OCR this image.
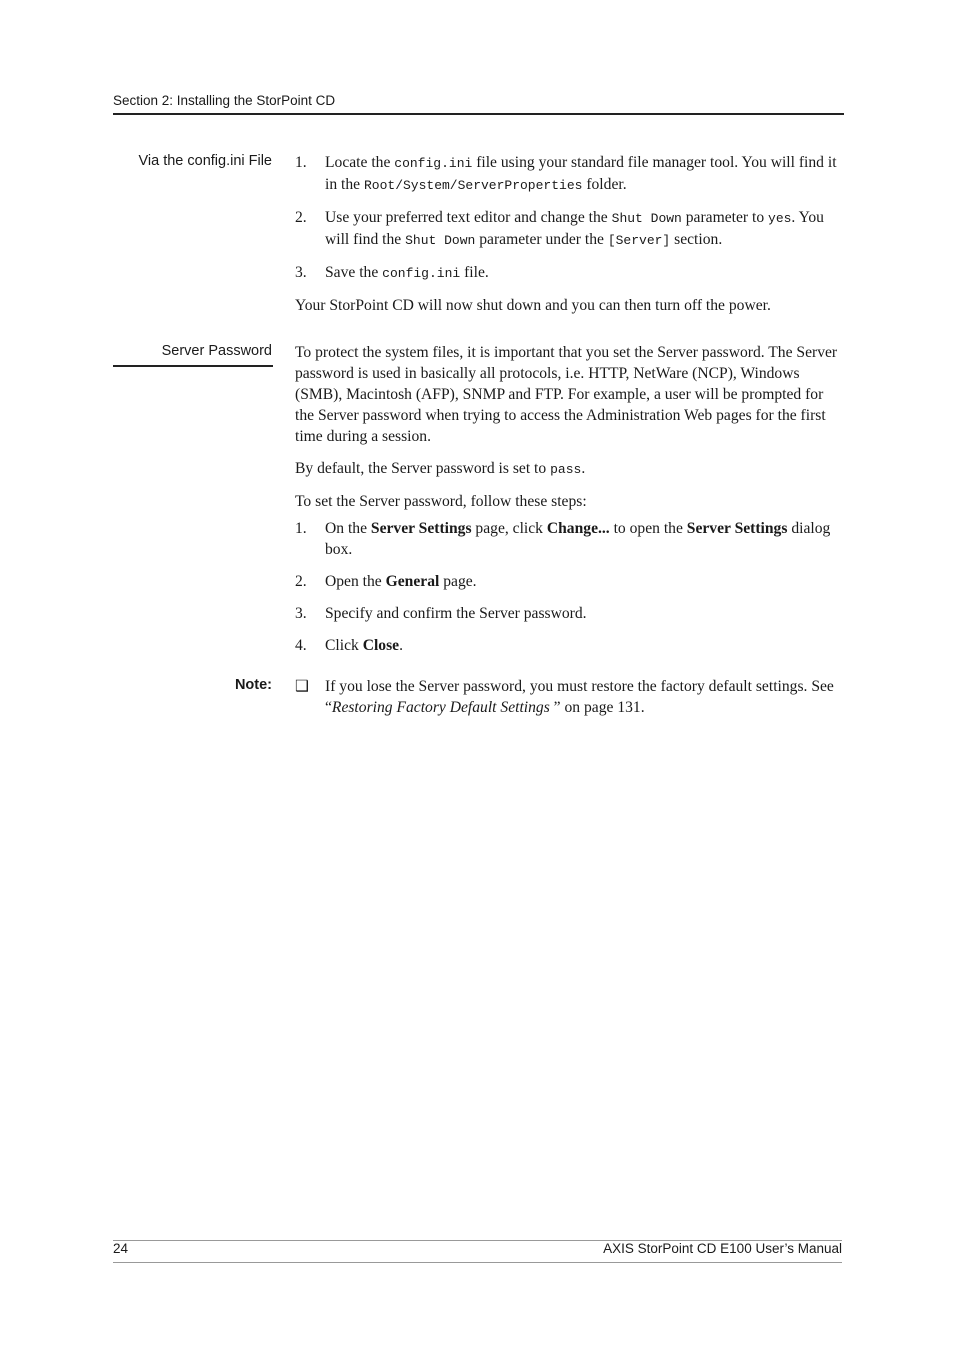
Section 2: Installing the StorPoint CD
Via the config.ini File 1. Locate the config.ini file using your standard file manager tool. You will find it in the Root/System/ServerProperties folder.

2. Use your preferred text editor and change the Shut Down parameter to yes. You will find the Shut Down parameter under the [Server] section.

3. Save the config.ini file.

Your StorPoint CD will now shut down and you can then turn off the power.

Server Password To protect the system files, it is important that you set the Server password. The Server password is used in basically all protocols, i.e. HTTP, NetWare (NCP), Windows (SMB), Macintosh (AFP), SNMP and FTP. For example, a user will be prompted for the Server password when trying to access the Administration Web pages for the first time during a session.

By default, the Server password is set to pass.

To set the Server password, follow these steps:

1. On the Server Settings page, click Change... to open the Server Settings dialog box.

2. Open the General page.

3. Specify and confirm the Server password.

4. Click Close.

Note: ❑ If you lose the Server password, you must restore the factory default settings. See “Restoring Factory Default Settings ” on page 131.

24	AXIS StorPoint CD E100 User’s Manual
